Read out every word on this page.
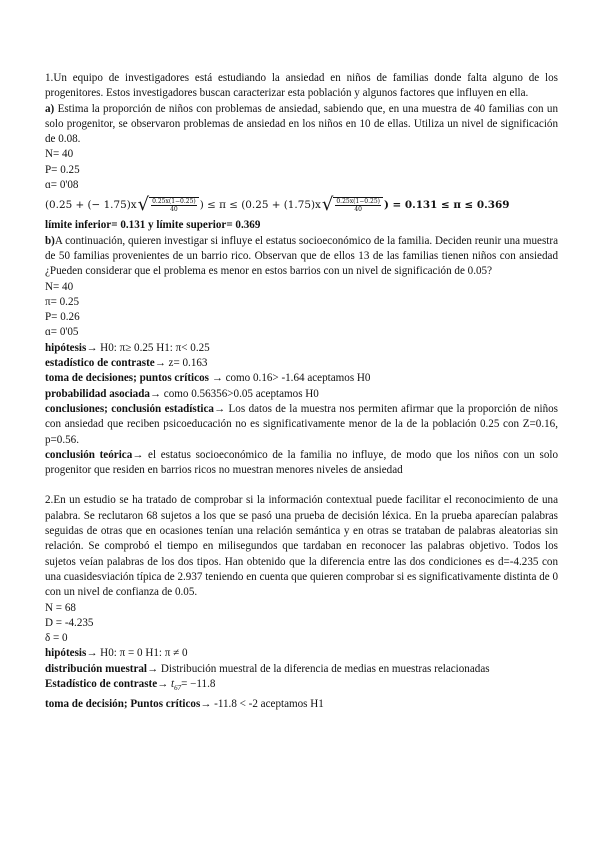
1.Un equipo de investigadores está estudiando la ansiedad en niños de familias donde falta alguno de los progenitores. Estos investigadores buscan caracterizar esta población y algunos factores que influyen en ella.

a) Estima la proporción de niños con problemas de ansiedad, sabiendo que, en una muestra de 40 familias con un solo progenitor, se observaron problemas de ansiedad en los niños en 10 de ellas. Utiliza un nivel de significación de 0.08.

N= 40

P= 0.25

ɑ= 0'08

(0.25 + (− 1.75)x √ $\frac{0.25x(1-0.25)}{40}$ ) ≤ π ≤ (0.25 + (1.75)x √ $\frac{0.25x(1-0.25)}{40}$ ) = 0.131 ≤ π ≤ 0.369

límite inferior= 0.131 y límite superior= 0.369

b)A continuación, quieren investigar si influye el estatus socioeconómico de la familia. Deciden reunir una muestra de 50 familias provenientes de un barrio rico. Observan que de ellos 13 de las familias tienen niños con ansiedad ¿Pueden considerar que el problema es menor en estos barrios con un nivel de significación de 0.05?

N= 40

π= 0.25

P= 0.26

ɑ= 0'05

hipótesis→ H0: π≥ 0.25 H1: π< 0.25

estadístico de contraste→ z= 0.163

toma de decisiones; puntos críticos → como 0.16> -1.64 aceptamos H0

probabilidad asociada→ como 0.56356>0.05 aceptamos H0

conclusiones; conclusión estadística→ Los datos de la muestra nos permiten afirmar que la proporción de niños con ansiedad que reciben psicoeducación no es significativamente menor de la de la población 0.25 con Z=0.16, p=0.56.

conclusión teórica→ el estatus socioeconómico de la familia no influye, de modo que los niños con un solo progenitor que residen en barrios ricos no muestran menores niveles de ansiedad

2.En un estudio se ha tratado de comprobar si la información contextual puede facilitar el reconocimiento de una palabra. Se reclutaron 68 sujetos a los que se pasó una prueba de decisión léxica. En la prueba aparecían palabras seguidas de otras que en ocasiones tenían una relación semántica y en otras se trataban de palabras aleatorias sin relación. Se comprobó el tiempo en milisegundos que tardaban en reconocer las palabras objetivo. Todos los sujetos veían palabras de los dos tipos. Han obtenido que la diferencia entre las dos condiciones es d=-4.235 con una cuasidesviación típica de 2.937 teniendo en cuenta que quieren comprobar si es significativamente distinta de 0 con un nivel de confianza de 0.05.

N = 68

D = -4.235

δ = 0

hipótesis→ H0: π = 0 H1: π ≠ 0

distribución muestral→ Distribución muestral de la diferencia de medias en muestras relacionadas

Estadístico de contraste→ $t_{67}= -11.8$

toma de decisión; Puntos críticos→ -11.8 < -2 aceptamos H1
